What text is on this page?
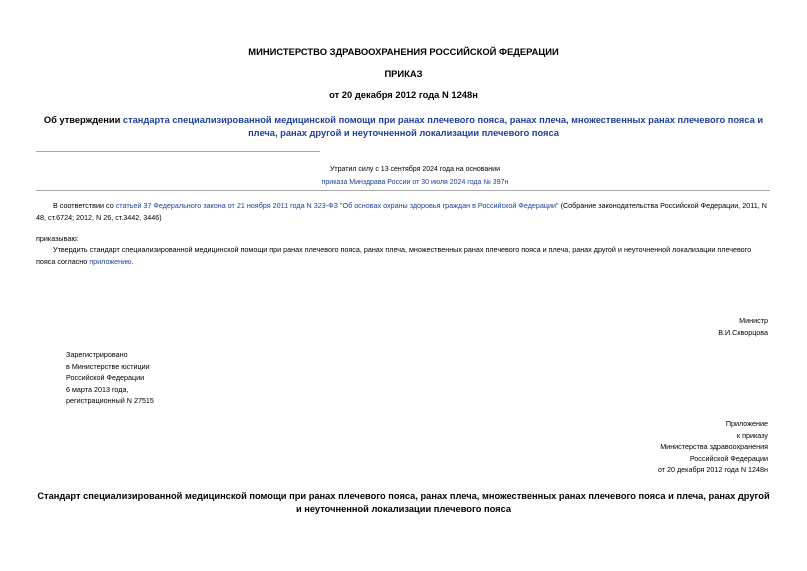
МИНИСТЕРСТВО ЗДРАВООХРАНЕНИЯ РОССИЙСКОЙ ФЕДЕРАЦИИ
ПРИКАЗ
от 20 декабря 2012 года N 1248н
Об утверждении стандарта специализированной медицинской помощи при ранах плечевого пояса, ранах плеча, множественных ранах плечевого пояса и плеча, ранах другой и неуточненной локализации плечевого пояса
Утратил силу с 13 сентября 2024 года на основании
приказа Минздрава России от 30 июля 2024 года № 397н
В соответствии со статьей 37 Федерального закона от 21 ноября 2011 года N 323-ФЗ "Об основах охраны здоровья граждан в Российской Федерации" (Собрание законодательства Российской Федерации, 2011, N 48, ст.6724; 2012, N 26, ст.3442, 3446)
приказываю:
Утвердить стандарт специализированной медицинской помощи при ранах плечевого пояса, ранах плеча, множественных ранах плечевого пояса и плеча, ранах другой и неуточненной локализации плечевого пояса согласно приложению.
Министр
В.И.Скворцова
Зарегистрировано
в Министерстве юстиции
Российской Федерации
6 марта 2013 года,
регистрационный N 27515
Приложение
к приказу
Министерства здравоохранения
Российской Федерации
от 20 декабря 2012 года N 1248н
Стандарт специализированной медицинской помощи при ранах плечевого пояса, ранах плеча, множественных ранах плечевого пояса и плеча, ранах другой и неуточненной локализации плечевого пояса
